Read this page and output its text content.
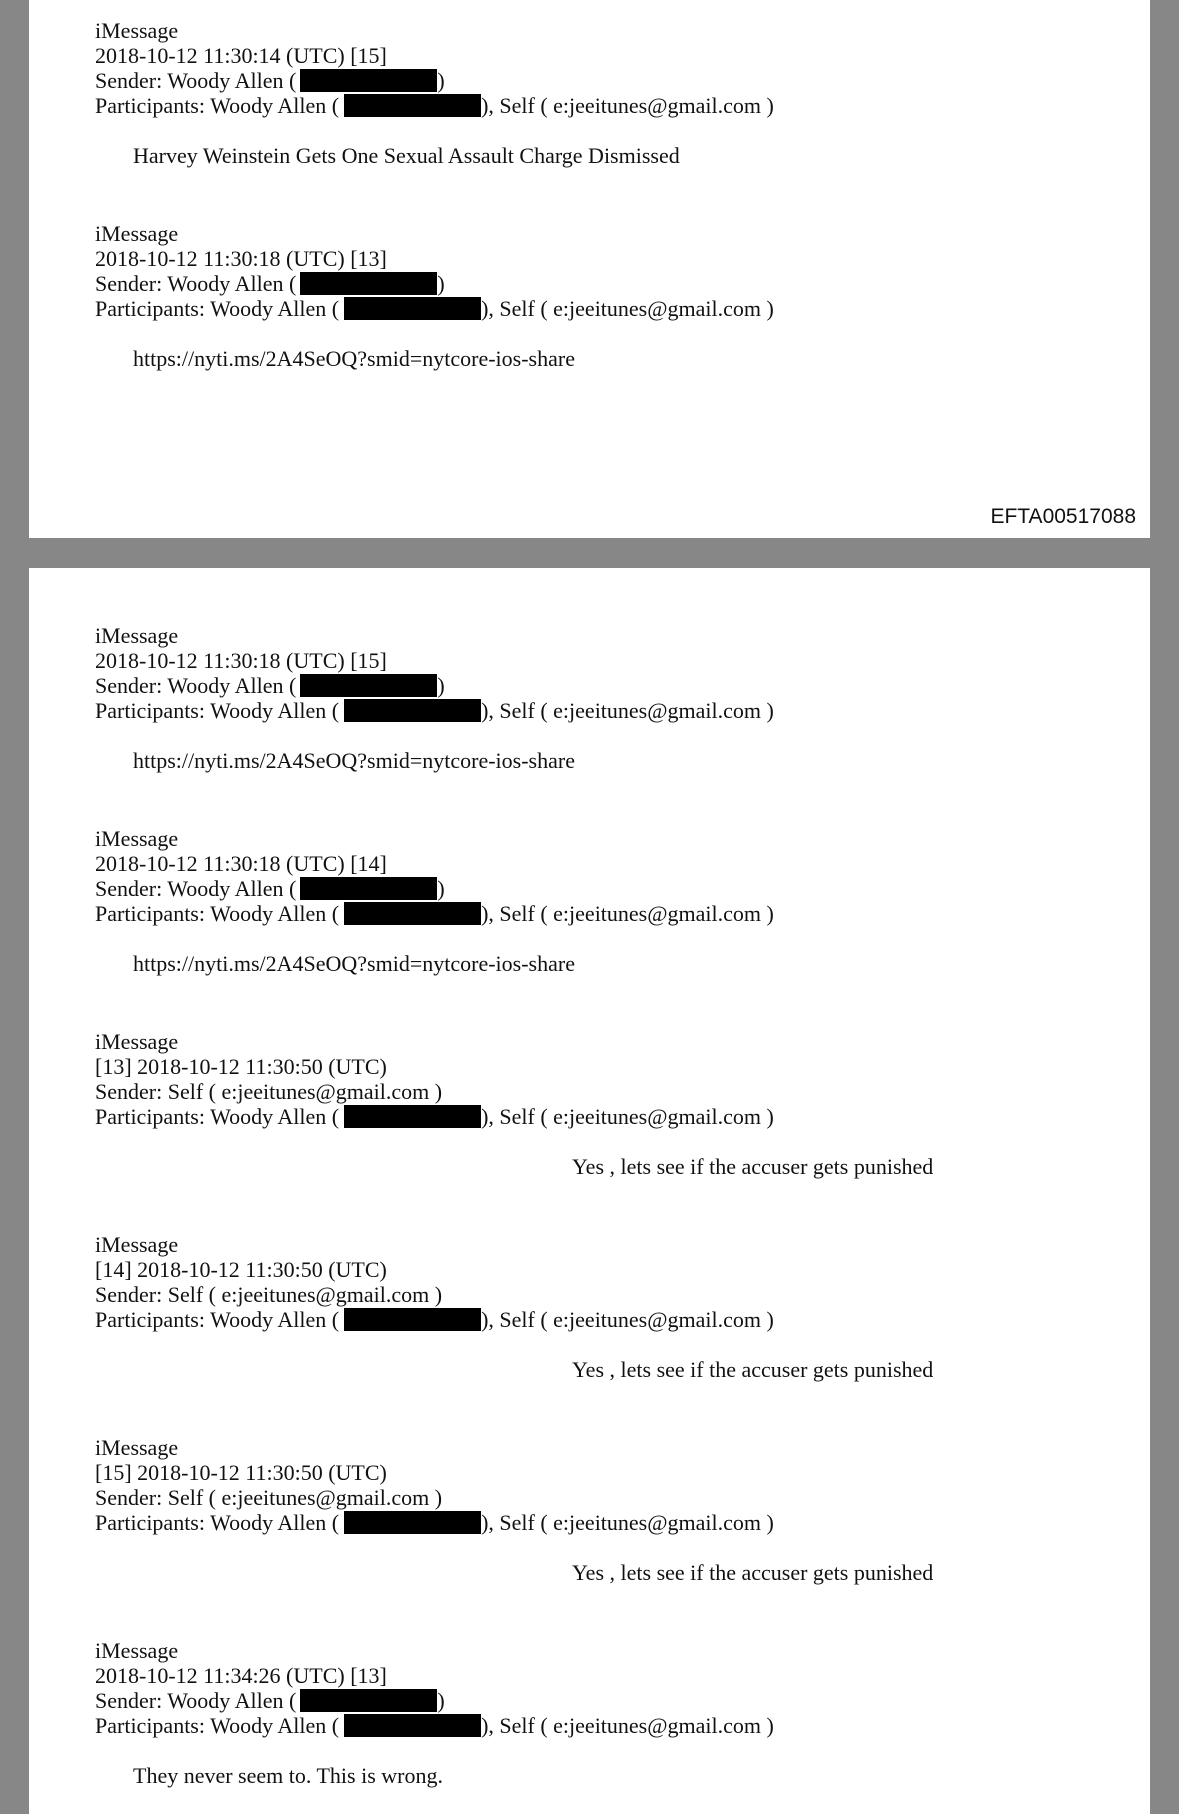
iMessage
2018-10-12 11:30:14 (UTC) [15]
Sender: Woody Allen (	)
Participants: Woody Allen (	), Self ( e:jeeitunes@gmail.com )
Harvey Weinstein Gets One Sexual Assault Charge Dismissed
iMessage
2018-10-12 11:30:18 (UTC) [13]
Sender: Woody Allen (	)
Participants: Woody Allen (	), Self ( e:jeeitunes@gmail.com )
https://nyti.ms/2A4SeOQ?smid=nytcore-ios-share
EFTA00517088
iMessage
2018-10-12 11:30:18 (UTC) [15]
Sender: Woody Allen (	)
Participants: Woody Allen (	), Self ( e:jeeitunes@gmail.com )
https://nyti.ms/2A4SeOQ?smid=nytcore-ios-share
iMessage
2018-10-12 11:30:18 (UTC) [14]
Sender: Woody Allen (	)
Participants: Woody Allen (	), Self ( e:jeeitunes@gmail.com )
https://nyti.ms/2A4SeOQ?smid=nytcore-ios-share
iMessage
[13] 2018-10-12 11:30:50 (UTC)
Sender: Self ( e:jeeitunes@gmail.com )
Participants: Woody Allen (	), Self ( e:jeeitunes@gmail.com )
Yes , lets see if the accuser gets punished
iMessage
[14] 2018-10-12 11:30:50 (UTC)
Sender: Self ( e:jeeitunes@gmail.com )
Participants: Woody Allen (	), Self ( e:jeeitunes@gmail.com )
Yes , lets see if the accuser gets punished
iMessage
[15] 2018-10-12 11:30:50 (UTC)
Sender: Self ( e:jeeitunes@gmail.com )
Participants: Woody Allen (	), Self ( e:jeeitunes@gmail.com )
Yes , lets see if the accuser gets punished
iMessage
2018-10-12 11:34:26 (UTC) [13]
Sender: Woody Allen (	)
Participants: Woody Allen (	), Self ( e:jeeitunes@gmail.com )
They never seem to. This is wrong.
